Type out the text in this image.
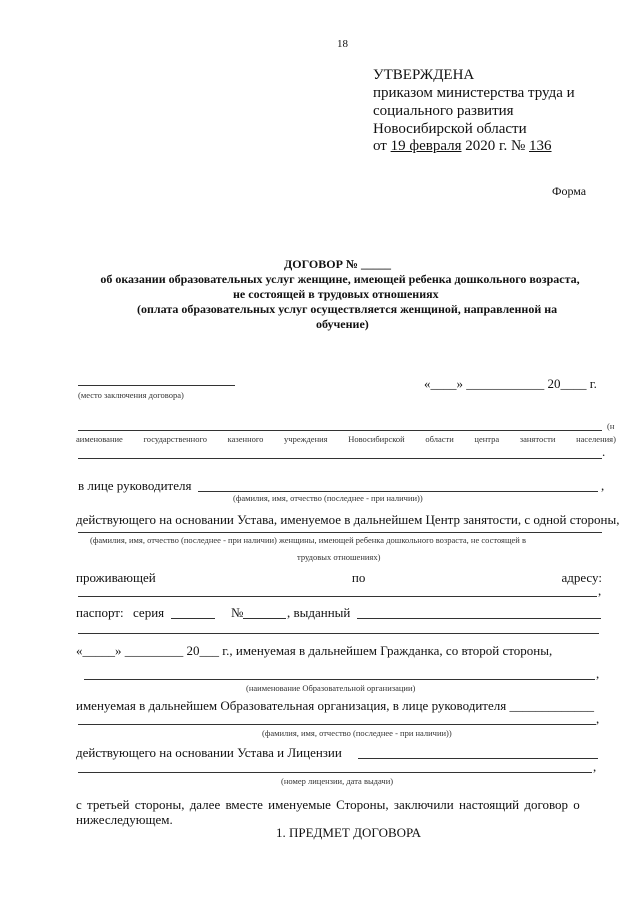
18
УТВЕРЖДЕНА
приказом министерства труда и
социального развития
Новосибирской области
от 19 февраля 2020 г. № 136
Форма
ДОГОВОР № _____
об оказании образовательных услуг женщине, имеющей ребенка дошкольного возраста,
не состоящей в трудовых отношениях
(оплата образовательных услуг осуществляется женщиной, направленной на
обучение)
(место заключения договора)
«____» ____________ 20____ г.
(н
аименование государственного казенного учреждения Новосибирской области центра занятости населения)
.
в лице руководителя	,
(фамилия, имя, отчество (последнее - при наличии))
действующего на основании Устава, именуемое в дальнейшем Центр занятости, с одной стороны,
(фамилия, имя, отчество (последнее - при наличии) женщины, имеющей ребенка дошкольного возраста, не состоящей в
трудовых отношениях)
проживающей	по	адресу:
,
паспорт: серия	№	, выданный
«_____» _________ 20___ г., именуемая в дальнейшем Гражданка, со второй стороны,
,
(наименование Образовательной организации)
именуемая в дальнейшем Образовательная организация, в лице руководителя _____________
,
(фамилия, имя, отчество (последнее - при наличии))
действующего на основании Устава и Лицензии
,
(номер лицензии, дата выдачи)
с третьей стороны, далее вместе именуемые Стороны, заключили настоящий договор о
нижеследующем.
1. ПРЕДМЕТ ДОГОВОРА
